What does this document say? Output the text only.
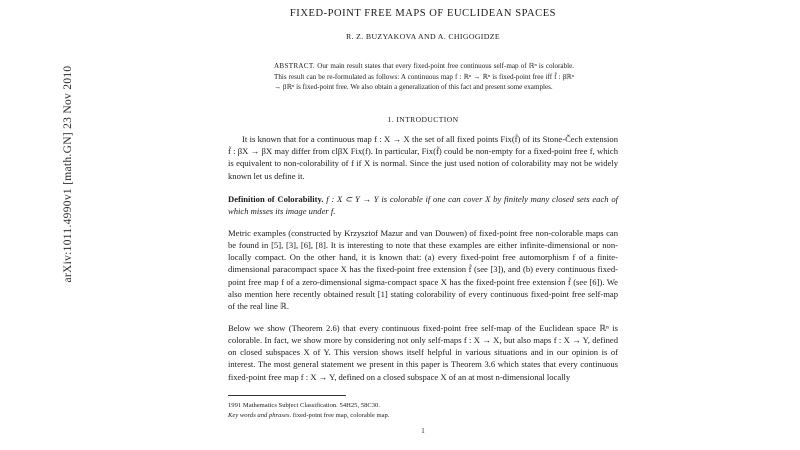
arXiv:1011.4990v1 [math.GN] 23 Nov 2010
FIXED-POINT FREE MAPS OF EUCLIDEAN SPACES
R. Z. BUZYAKOVA AND A. CHIGOGIDZE
ABSTRACT. Our main result states that every fixed-point free continuous self-map of ℝⁿ is colorable. This result can be re-formulated as follows: A continuous map f : ℝⁿ → ℝⁿ is fixed-point free iff f̃ : βℝⁿ → βℝⁿ is fixed-point free. We also obtain a generalization of this fact and present some examples.
1. INTRODUCTION

It is known that for a continuous map f : X → X the set of all fixed points Fix(f̃) of its Stone-Čech extension f̃ : βX → βX may differ from clβX Fix(f). In particular, Fix(f̃) could be non-empty for a fixed-point free f, which is equivalent to non-colorability of f if X is normal. Since the just used notion of colorability may not be widely known let us define it.

Definition of Colorability. f : X ⊂ Y → Y is colorable if one can cover X by finitely many closed sets each of which misses its image under f.

Metric examples (constructed by Krzysztof Mazur and van Douwen) of fixed-point free non-colorable maps can be found in [5], [3], [6], [8]. It is interesting to note that these examples are either infinite-dimensional or non-locally compact. On the other hand, it is known that: (a) every fixed-point free automorphism f of a finite-dimensional paracompact space X has the fixed-point free extension f̃ (see [3]), and (b) every continuous fixed-point free map f of a zero-dimensional sigma-compact space X has the fixed-point free extension f̃ (see [6]). We also mention here recently obtained result [1] stating colorability of every continuous fixed-point free self-map of the real line ℝ.

Below we show (Theorem 2.6) that every continuous fixed-point free self-map of the Euclidean space ℝⁿ is colorable. In fact, we show more by considering not only self-maps f : X → X, but also maps f : X → Y, defined on closed subspaces X of Y. This version shows itself helpful in various situations and in our opinion is of interest. The most general statement we present in this paper is Theorem 3.6 which states that every continuous fixed-point free map f : X → Y, defined on a closed subspace X of an at most n-dimensional locally

1991 Mathematics Subject Classification. 54H25, 58C30.
Key words and phrases. fixed-point free map, colorable map.
1
